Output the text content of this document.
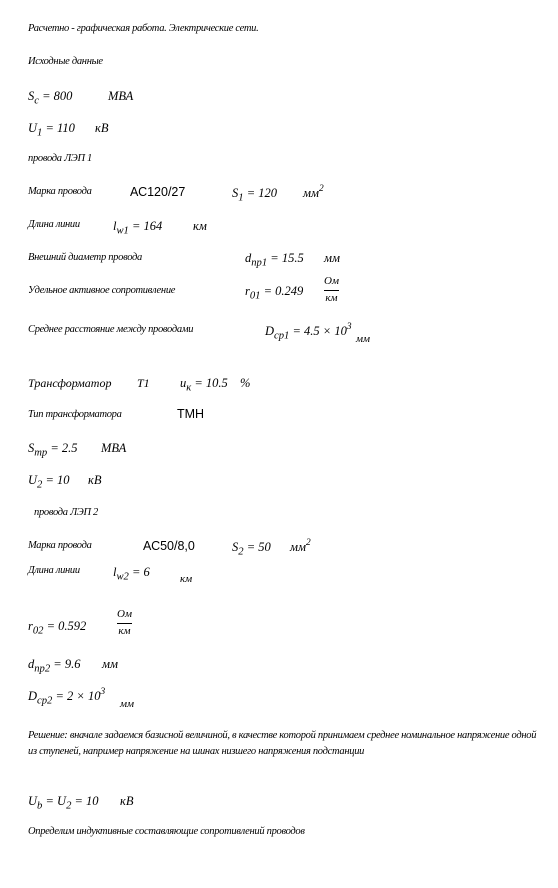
Расчетно - графическая работа. Электрические сети.
Исходные данные
$S_c = 800$	МВА
$U_1 = 110$ кВ
провода ЛЭП 1
Марка провода	АС120/27	$S_1 = 120$ $мм^2$
Длина линии	$l_{w1} = 164$ км
Внешний диаметр провода	$d_{пр1} = 15.5$ мм
Удельное активное сопротивление	$r_{01} = 0.249$
Ом
км
Среднее расстояние между проводами	$D_{ср1} = 4.5 \times 10^3$
мм
Трансформатор T1 $u_к = 10.5$ %
Тип трансформатора	ТМН
$S_{тр} = 2.5$ МВА
$U_2 = 10$ кВ
провода ЛЭП 2
Марка провода	АС50/8,0	$S_2 = 50$ $мм^2$
Длина линии	$l_{w2} = 6$	км
$r_{02} = 0.592$
Ом
км
$d_{пр2} = 9.6$ мм
$D_{ср2} = 2 \times 10^3$
мм
Решение: вначале задаемся базисной величиной, в качестве которой принимаем среднее номинальное напряжение одной из ступеней, например напряжение на шинах низшего напряжения подстанции
$U_b = U_2 = 10$ кВ
Определим индуктивные составляющие сопротивлений проводов
